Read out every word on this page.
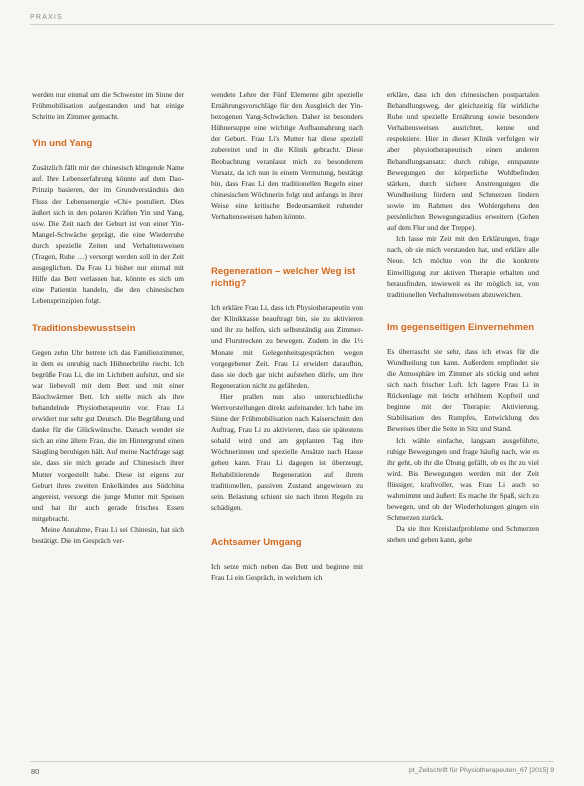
PRAXIS

werden nur einmal um die Schwester im Sinne der Frühmobilisation aufgestanden und hat einige Schritte im Zimmer gemacht.

Yin und Yang

Zusätzlich fällt mir der chinesisch klingende Name auf. Ihre Lebenserfahrung könnte auf dem Dao-Prinzip basieren, der im Grundverständnis den Fluss der Lebensenergie »Chi« postuliert. Dies äußert sich in den polaren Kräften Yin und Yang, usw. Die Zeit nach der Geburt ist von einer Yin-Mangel-Schwäche geprägt, die eine Wiederruhe durch spezielle Zeiten und Verhaltensweisen (Tragen, Ruhe …) versorgt werden soll in der Zeit ausgeglichen. Da Frau Li bisher nur einmal mit Hilfe das Bett verlassen hat, könnte es sich um eine Patientin handeln, die den chinesischen Lebensprinzipien folgt.

Traditionsbewusstsein

Gegen zehn Uhr betrete ich das Familienzimmer, in dem es unruhig nach Hühnerbrühe riecht. Ich begrüße Frau Li, die im Lichtbett aufsitzt, und sie war liebevoll mit dem Bett und mit einer Bäuchwärmer Bett. Ich stelle mich als ihre behandelnde Physiotherapeutin vor. Frau Li erwidert nur sehr gut Deutsch. Die Begrüßung und danke für die Glückwünsche. Danach wendet sie sich an eine ältere Frau, die im Hintergrund einen Säugling beruhigen hält. Auf meine Nachfrage sagt sie, dass sie mich gerade auf Chinesisch ihrer Mutter vorgestellt habe. Diese ist eigens zur Geburt ihres zweiten Enkelkindes aus Südchina angereist, versorgt die junge Mutter mit Speisen und hat ihr auch gerade frisches Essen mitgebracht.

Meine Annahme, Frau Li sei Chinesin, hat sich bestätigt. Die im Gespräch ver-

wendete Lehre der Fünf Elemente gibt spezielle Ernährungsvorschläge für den Ausgleich der Yin-bezogenen Yang-Schwächen. Daher ist besonders Hühnersuppe eine wichtige Aufbaunahrung nach der Geburt. Frau Li's Mutter hat diese speziell zubereitet und in die Klinik gebracht. Diese Beobachtung veranlasst mich zu besonderem Vorsatz, da ich nun in einem Vermutung, bestätigt bin, dass Frau Li den traditionellen Regeln einer chinesischen Wöchnerin folgt und anfangs in ihrer Weise eine kritische Bedeutsamkeit ruhender Verhaltensweisen haben könnte.

Regeneration – welcher Weg ist richtig?

Ich erkläre Frau Li, dass ich Physiotherapeutin von der Klinikkasse beauftragt bin, sie zu aktivieren und ihr zu helfen, sich selbstständig aus Zimmer- und Flurstrecken zu bewegen. Zudem in die 1½ Monate mit Gelegenheitsgesprächen wegen vorgegebener Zeit. Frau Li erwidert daraufhin, dass sie doch gar nicht aufstehen dürfe, um ihre Regeneration nicht zu gefährden.

Hier prallen nun also unterschiedliche Wertvorstellungen direkt aufeinander. Ich habe im Sinne der Frühmobilisation nach Kaiserschnitt den Auftrag, Frau Li zu aktivieren, dass sie spätestens sobald wird und am geplanten Tag ihre Wöchnerinnen und spezielle Ansätze nach Hause gehen kann. Frau Li dagegen ist überzeugt, Rehabilitierende Regeneration auf ihrem traditionellen, passiven Zustand angewiesen zu sein. Belastung schient sie nach ihren Regeln zu schädigen.

Achtsamer Umgang

Ich setze mich neben das Bett und beginne mit Frau Li ein Gespräch, in welchem ich

erkläre, dass ich den chinesischen postpartalen Behandlungsweg, der gleichzeitig für wirkliche Ruhe und spezielle Ernährung sowie besondere Verhaltensweisen ausrichtet, kenne und respektiere. Hier in dieser Klinik verfolgen wir aber physiotherapeutisch einen anderen Behandlungsansatz: durch ruhige, entspannte Bewegungen der körperliche Wohlbefinden stärken, durch sichere Anstrengungen die Wundheilung fördern und Schmerzen lindern sowie im Rahmen des Wohlergehens den persönlichen Bewegungsradius erweitern (Gehen auf dem Flur und der Treppe).

Ich lasse mir Zeit mit den Erklärungen, frage nach, ob sie mich verstanden hat, und erkläre alle Neue. Ich möchte von ihr die konkrete Einwilligung zur aktiven Therapie erhalten und herausfinden, inwieweit es ihr möglich ist, von traditionellen Verhaltensweisen abzuweichen.

Im gegenseitigen Einvernehmen

Es überrascht sie sehr, dass ich etwas für die Wundheilung tun kann. Außerdem empfindet sie die Atmosphäre im Zimmer als stickig und sehnt sich nach frischer Luft. Ich lagere Frau Li in Rückenlage mit leicht erhöhtem Kopfteil und beginne mit der Therapie: Aktivierung, Stabilisation des Rumpfes, Entwicklung des Beweises über die Seite in Sitz und Stand.

Ich wähle einfache, langsam ausgeführte, ruhige Bewegungen und frage häufig nach, wie es ihr geht, ob ihr die Übung gefällt, ob es ihr zu viel wird. Bis Bewegungen werden mit der Zeit flüssiger, kraftvoller, was Frau Li auch so wahrnimmt und äußert: Es mache ihr Spaß, sich zu bewegen, und ob der Wiederholungen gingen ein Schmerzen zurück.

Da sie ihre Kreislaufprobleme und Schmerzen stehen und gehen kann, gehe

80	pt_Zeitschrift für Physiotherapeuten_67 [2015] 9
